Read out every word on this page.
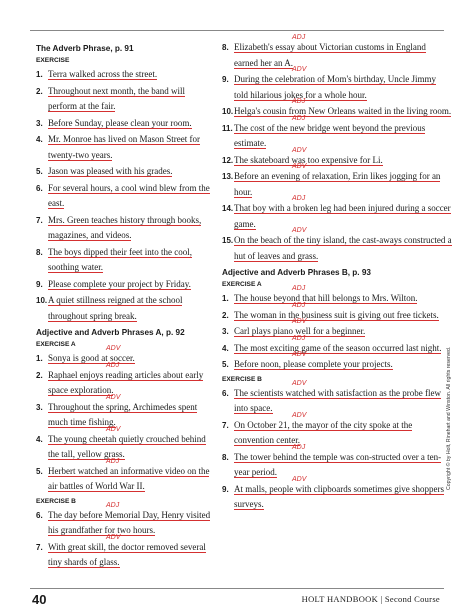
The Adverb Phrase, p. 91
EXERCISE
1. Terra walked across the street.
2. Throughout next month, the band will perform at the fair.
3. Before Sunday, please clean your room.
4. Mr. Monroe has lived on Mason Street for twenty-two years.
5. Jason was pleased with his grades.
6. For several hours, a cool wind blew from the east.
7. Mrs. Green teaches history through books, magazines, and videos.
8. The boys dipped their feet into the cool, soothing water.
9. Please complete your project by Friday.
10. A quiet stillness reigned at the school throughout spring break.
Adjective and Adverb Phrases A, p. 92
EXERCISE A
1.
ADV
Sonya is good at soccer.
2.
ADJ
Raphael enjoys reading articles about early space exploration.
3.
ADV
Throughout the spring, Archimedes spent much time fishing.
4.
ADV
The young cheetah quietly crouched behind the tall, yellow grass.
5.
ADJ
Herbert watched an informative video on the air battles of World War II.
EXERCISE B
6.
ADJ
The day before Memorial Day, Henry visited his grandfather for two hours.
7.
ADV
With great skill, the doctor removed several tiny shards of glass.
8.
ADJ
Elizabeth's essay about Victorian customs in England earned her an A.
9.
ADV
During the celebration of Mom's birthday, Uncle Jimmy told hilarious jokes for a whole hour.
10.
ADJ
Helga's cousin from New Orleans waited in the living room.
11.
ADJ
The cost of the new bridge went beyond the previous estimate.
12.
ADV
The skateboard was too expensive for Li.
13.
ADV
Before an evening of relaxation, Erin likes jogging for an hour.
14.
ADJ
That boy with a broken leg had been injured during a soccer game.
15.
ADV
On the beach of the tiny island, the cast-aways constructed a hut of leaves and grass.
Adjective and Adverb Phrases B, p. 93
EXERCISE A
1.
ADJ
The house beyond that hill belongs to Mrs. Wilton.
2.
ADJ
The woman in the business suit is giving out free tickets.
3.
ADV
Carl plays piano well for a beginner.
4.
ADJ
The most exciting game of the season occurred last night.
5.
ADV
Before noon, please complete your projects.
EXERCISE B
6.
ADV
The scientists watched with satisfaction as the probe flew into space.
7.
ADV
On October 21, the mayor of the city spoke at the convention center.
8.
ADJ
The tower behind the temple was con-structed over a ten-year period.
9.
ADV
At malls, people with clipboards sometimes give shoppers surveys.
Copyright © by Holt, Rinehart and Winston. All rights reserved.
40	HOLT HANDBOOK | Second Course
